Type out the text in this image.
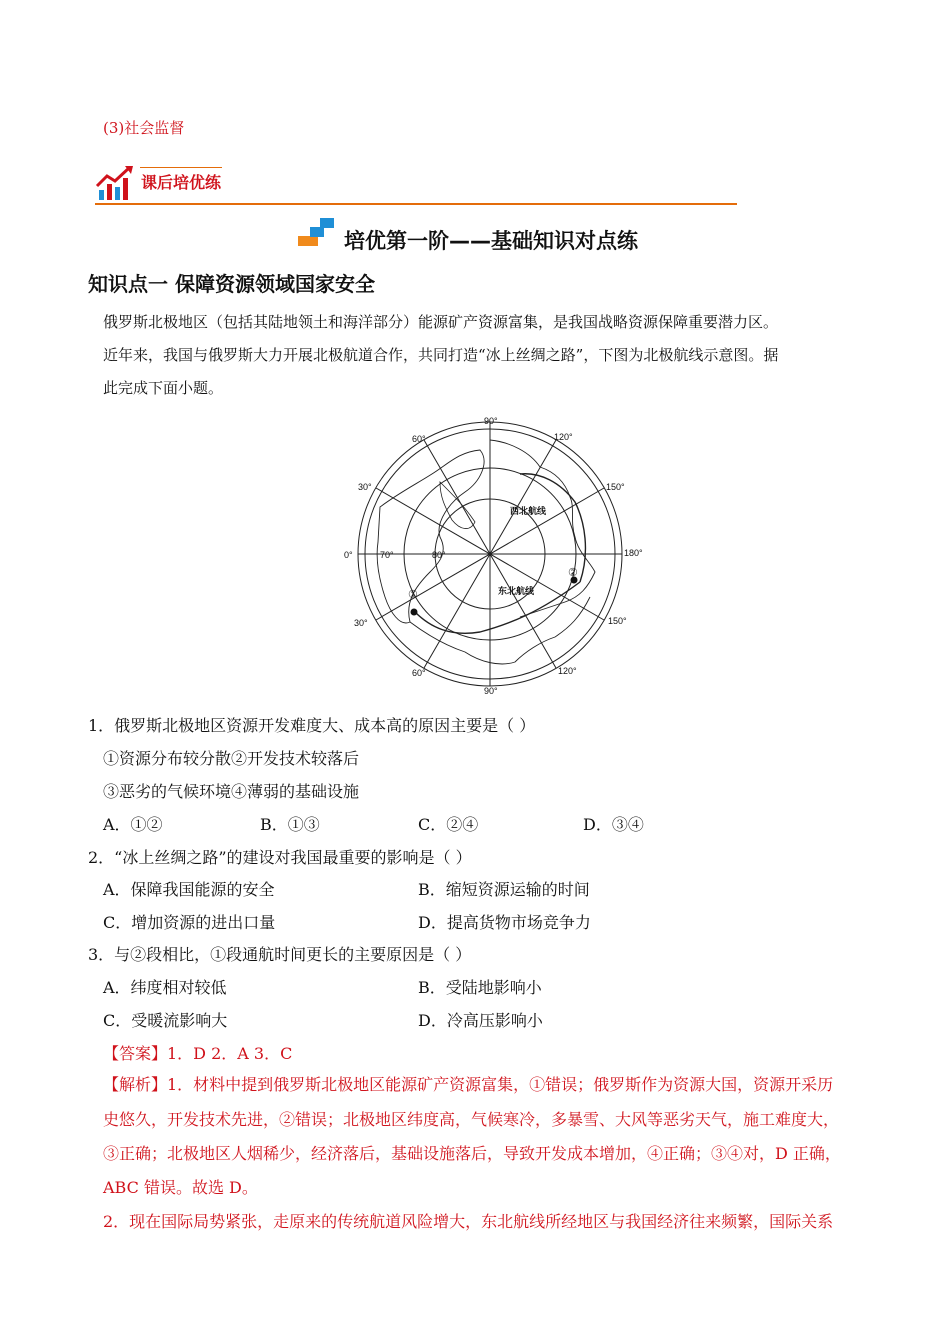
(3)社会监督
课后培优练
培优第一阶——基础知识对点练
知识点一 保障资源领域国家安全
俄罗斯北极地区（包括其陆地领土和海洋部分）能源矿产资源富集，是我国战略资源保障重要潜力区。
近年来，我国与俄罗斯大力开展北极航道合作，共同打造“冰上丝绸之路”，下图为北极航线示意图。据
此完成下面小题。
90°
120°
150°
180°
150°
120°
90°
60°
30°
0°
30°
60°
70°	80°
西北航线
东北航线
①
②
1．俄罗斯北极地区资源开发难度大、成本高的原因主要是（ ）
①资源分布较分散②开发技术较落后
③恶劣的气候环境④薄弱的基础设施
A．①②	B．①③	C．②④	D．③④
2．“冰上丝绸之路”的建设对我国最重要的影响是（ ）
A．保障我国能源的安全	B．缩短资源运输的时间
C．增加资源的进出口量	D．提高货物市场竞争力
3．与②段相比，①段通航时间更长的主要原因是（ ）
A．纬度相对较低	B．受陆地影响小
C．受暖流影响大	D．冷高压影响小
【答案】1．D 2．A 3．C
【解析】1．材料中提到俄罗斯北极地区能源矿产资源富集，①错误；俄罗斯作为资源大国，资源开采历
史悠久，开发技术先进，②错误；北极地区纬度高，气候寒冷，多暴雪、大风等恶劣天气，施工难度大，
③正确；北极地区人烟稀少，经济落后，基础设施落后，导致开发成本增加，④正确；③④对，D 正确，
ABC 错误。故选 D。
2．现在国际局势紧张，走原来的传统航道风险增大，东北航线所经地区与我国经济往来频繁，国际关系
